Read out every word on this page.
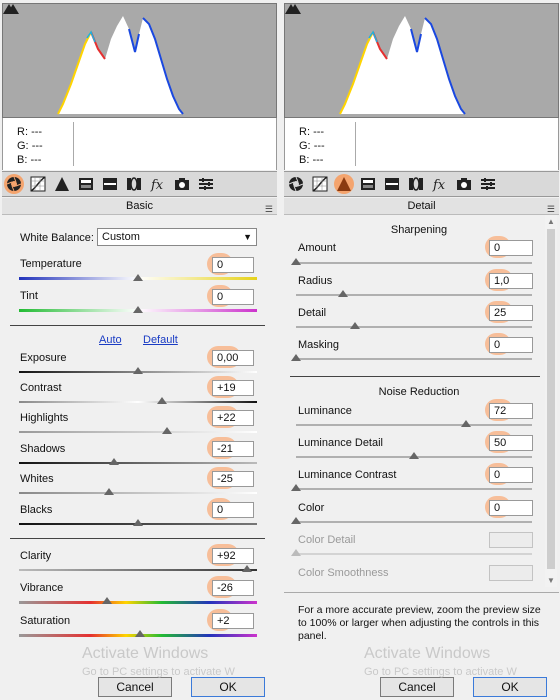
R: ---
G: ---
B: ---
fx
Basic	☰
White Balance: Custom	▼
Temperature	0
Tint	0
Auto Default
Exposure	0,00
Contrast	+19
Highlights	+22
Shadows	-21
Whites	-25
Blacks	0
Clarity	+92
Vibrance	-26
Saturation	+2
Cancel	OK
Activate Windows
Go to PC settings to activate W
R: ---
G: ---
B: ---
fx
Detail	☰
Sharpening
Amount	0
Radius	1,0
Detail	25
Masking	0
Noise Reduction
Luminance	72
Luminance Detail	50
Luminance Contrast	0
Color	0
Color Detail
Color Smoothness
▲
▼
For a more accurate preview, zoom the preview size to 100% or larger when adjusting the controls in this panel.
Cancel	OK
Activate Windows
Go to PC settings to activate W
